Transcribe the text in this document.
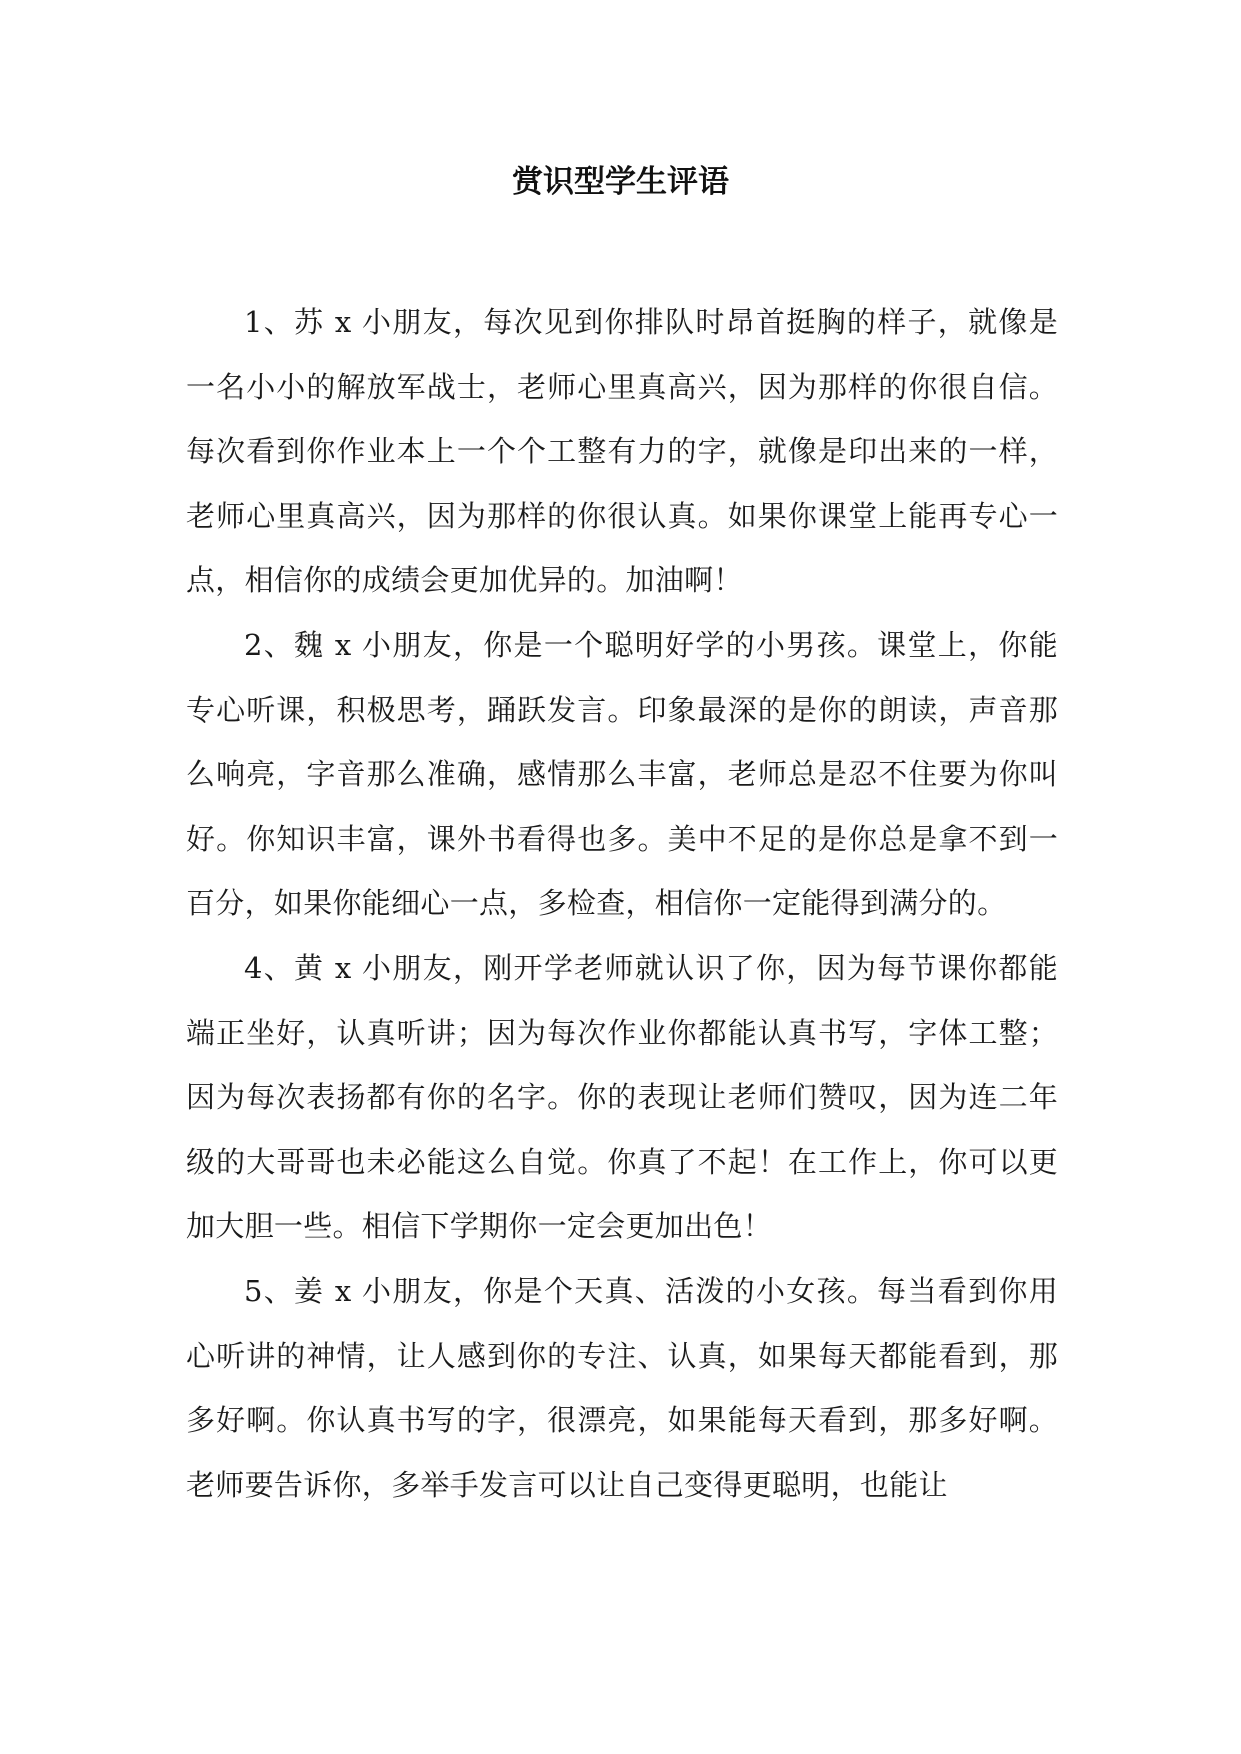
赏识型学生评语

1、苏 x 小朋友，每次见到你排队时昂首挺胸的样子，就像是一名小小的解放军战士，老师心里真高兴，因为那样的你很自信。每次看到你作业本上一个个工整有力的字，就像是印出来的一样，老师心里真高兴，因为那样的你很认真。如果你课堂上能再专心一点，相信你的成绩会更加优异的。加油啊！

2、魏 x 小朋友，你是一个聪明好学的小男孩。课堂上，你能专心听课，积极思考，踊跃发言。印象最深的是你的朗读，声音那么响亮，字音那么准确，感情那么丰富，老师总是忍不住要为你叫好。你知识丰富，课外书看得也多。美中不足的是你总是拿不到一百分，如果你能细心一点，多检查，相信你一定能得到满分的。

4、黄 x 小朋友，刚开学老师就认识了你，因为每节课你都能端正坐好，认真听讲；因为每次作业你都能认真书写，字体工整；因为每次表扬都有你的名字。你的表现让老师们赞叹，因为连二年级的大哥哥也未必能这么自觉。你真了不起！在工作上，你可以更加大胆一些。相信下学期你一定会更加出色！

5、姜 x 小朋友，你是个天真、活泼的小女孩。每当看到你用心听讲的神情，让人感到你的专注、认真，如果每天都能看到，那多好啊。你认真书写的字，很漂亮，如果能每天看到，那多好啊。老师要告诉你，多举手发言可以让自己变得更聪明，也能让
